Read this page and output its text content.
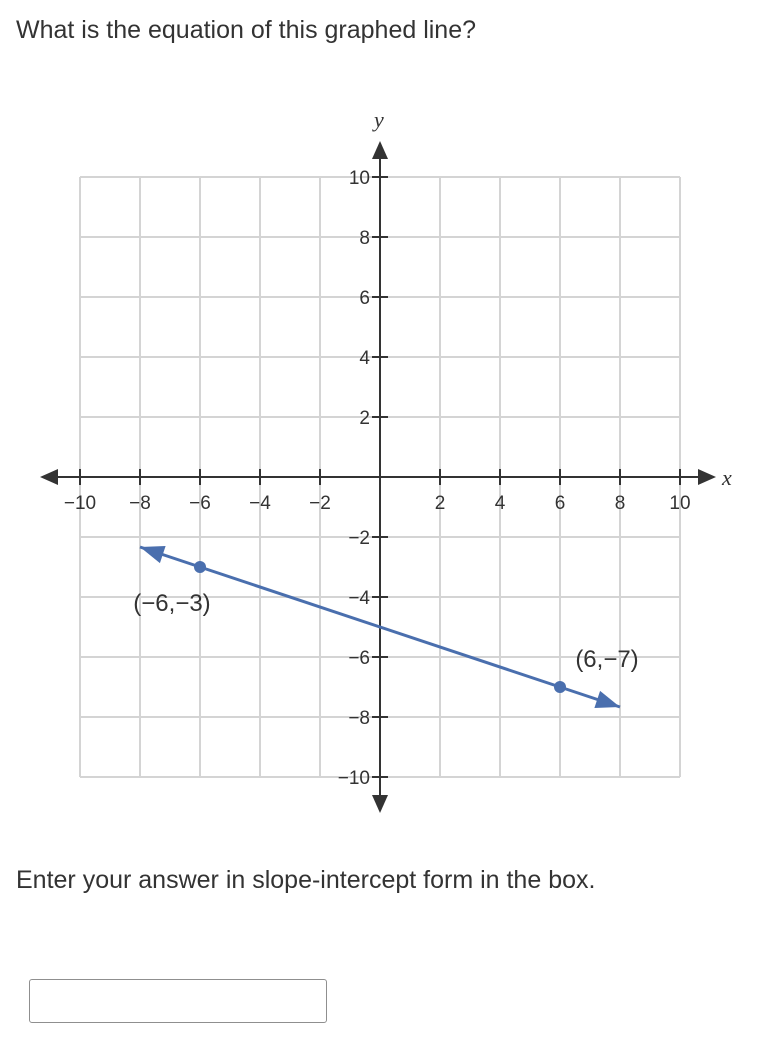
What is the equation of this graphed line?
x
y
−10 −8 −6 −4 −2	2	4	6	8 10
10
8
6
4
2
−2
−4
−6
−8
−10
(−6,−3)
(6,−7)

Enter your answer in slope-intercept form in the box.
